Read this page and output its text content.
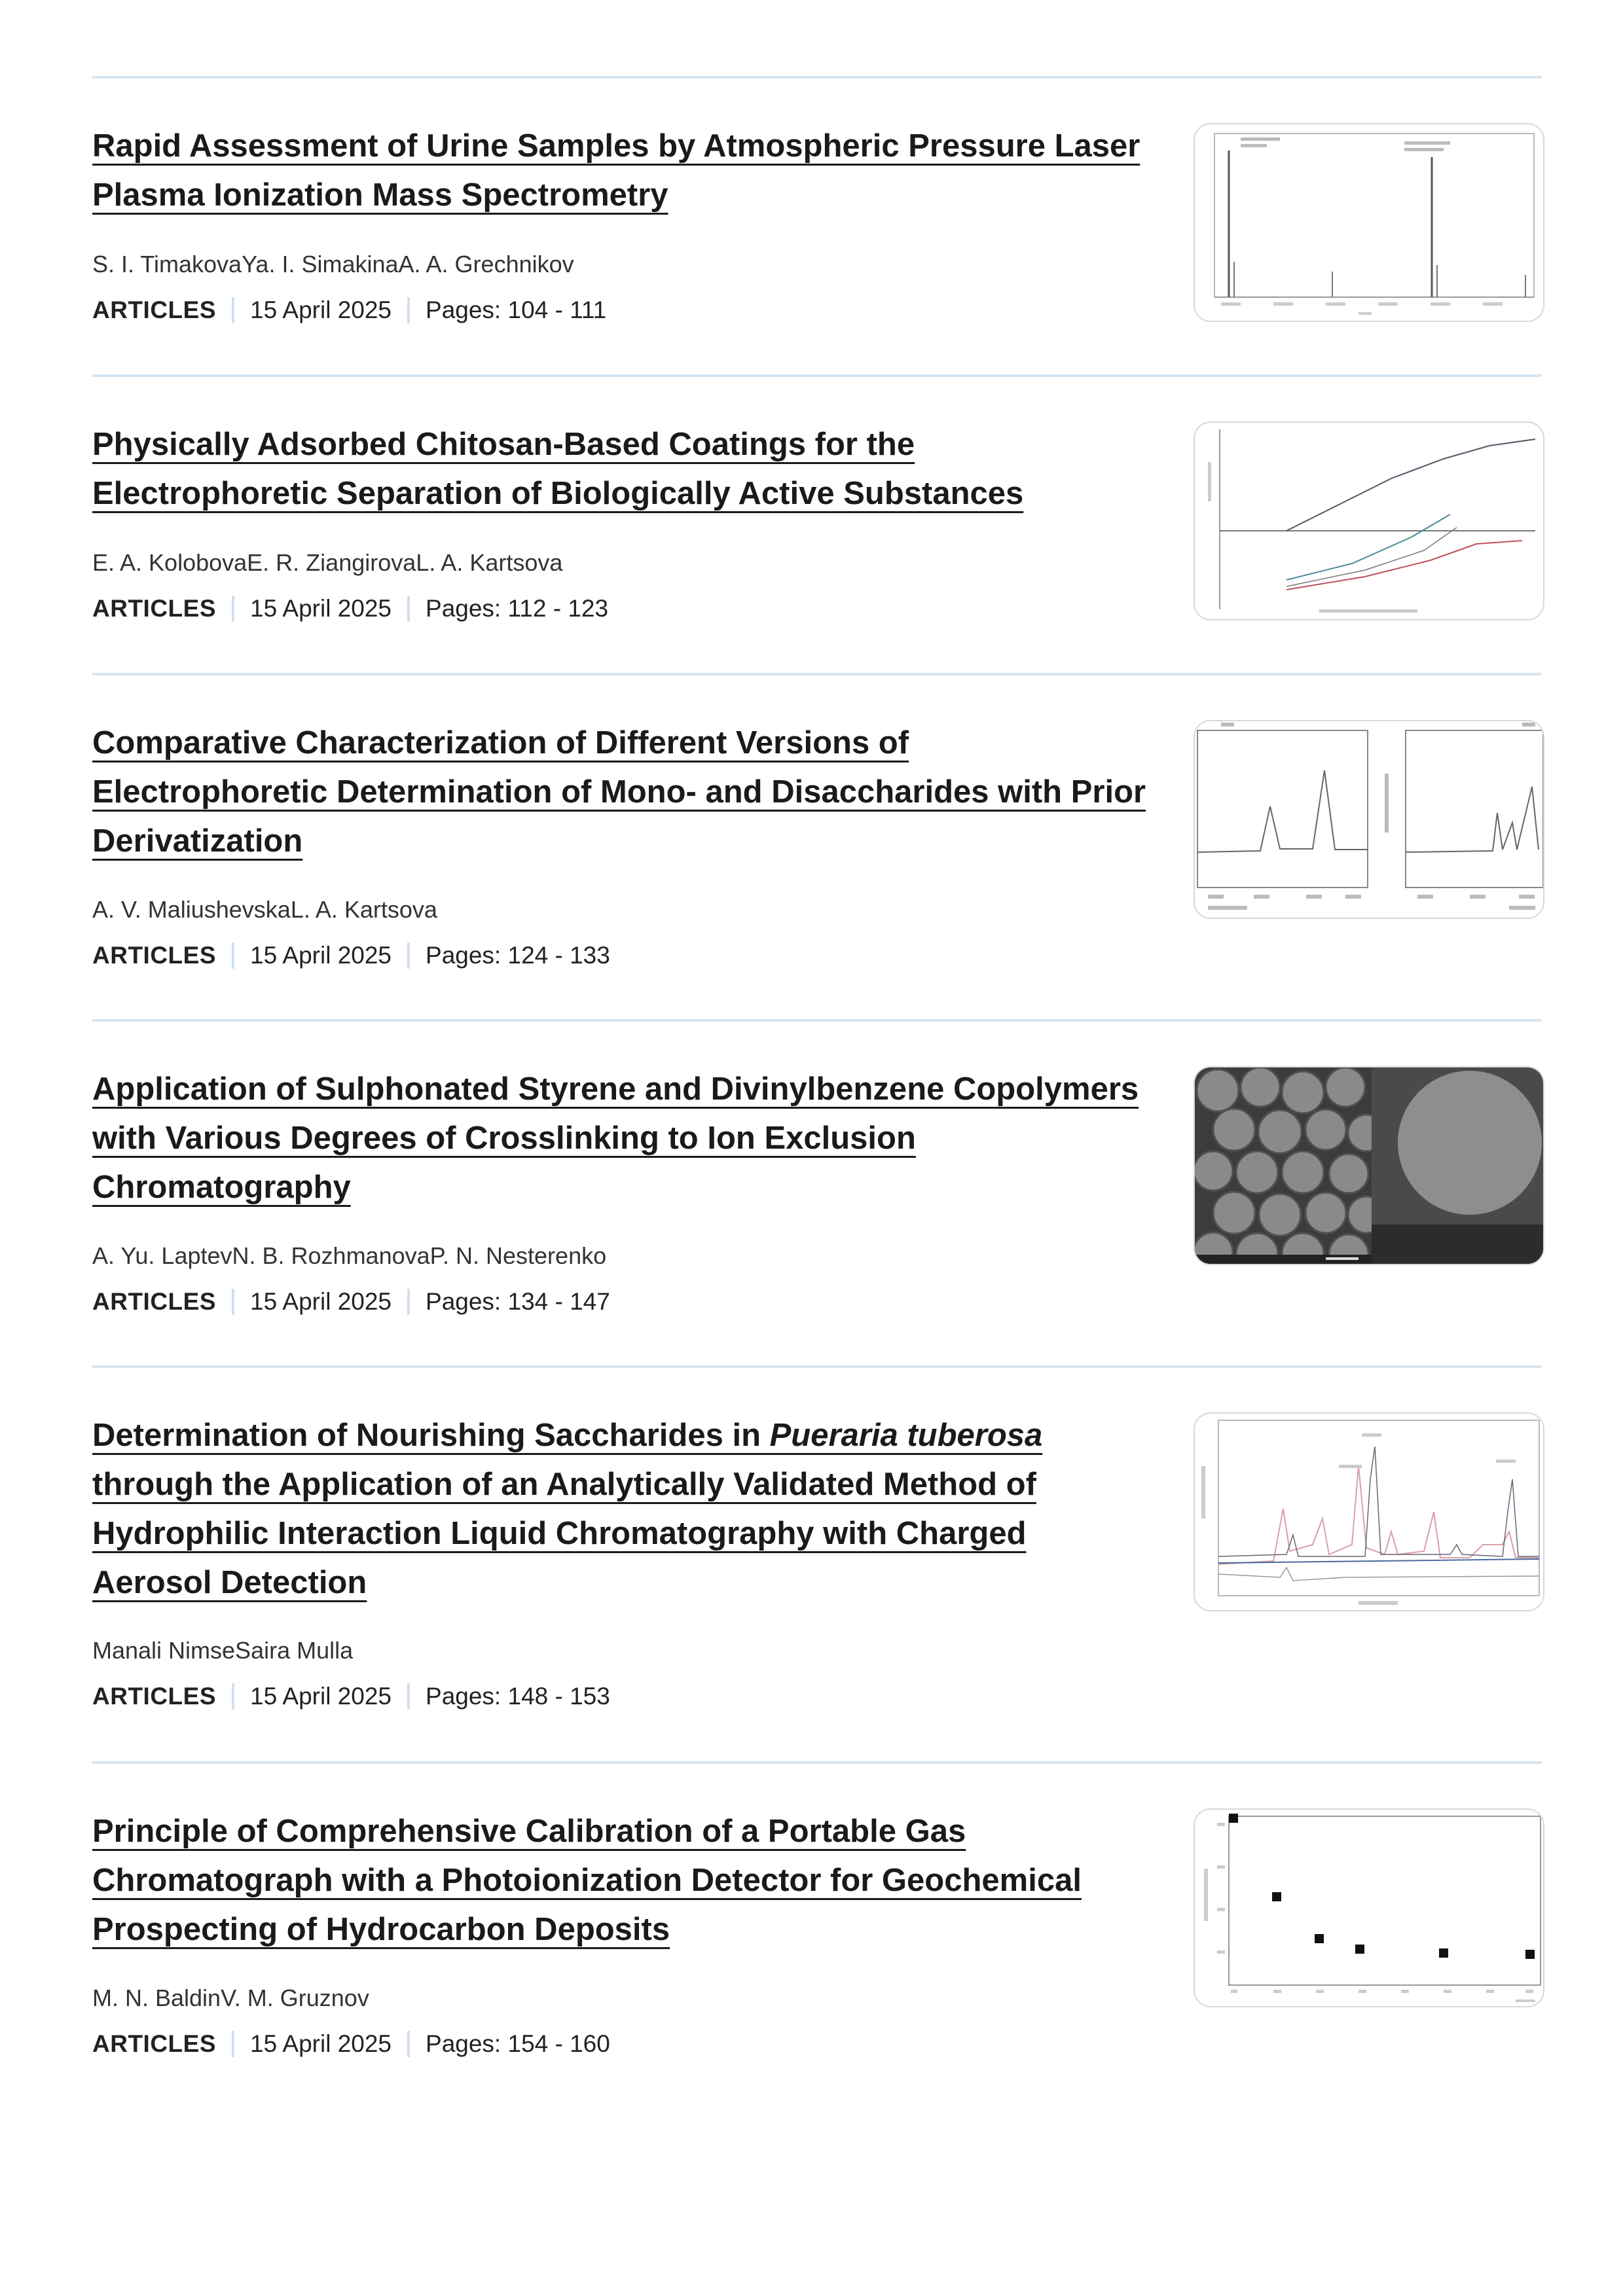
Rapid Assessment of Urine Samples by Atmospheric Pressure Laser Plasma Ionization Mass Spectrometry
S. I. TimakovaYa. I. SimakinaA. A. Grechnikov
ARTICLES 15 April 2025 Pages: 104 - 111
Physically Adsorbed Chitosan-Based Coatings for the Electrophoretic Separation of Biologically Active Substances
E. A. KolobovaE. R. ZiangirovaL. A. Kartsova
ARTICLES 15 April 2025 Pages: 112 - 123
Comparative Characterization of Different Versions of Electrophoretic Determination of Mono- and Disaccharides with Prior Derivatization
A. V. MaliushevskaL. A. Kartsova
ARTICLES 15 April 2025 Pages: 124 - 133
Application of Sulphonated Styrene and Divinylbenzene Copolymers with Various Degrees of Crosslinking to Ion Exclusion Chromatography
A. Yu. LaptevN. B. RozhmanovaP. N. Nesterenko
ARTICLES 15 April 2025 Pages: 134 - 147
Determination of Nourishing Saccharides in Pueraria tuberosa through the Application of an Analytically Validated Method of Hydrophilic Interaction Liquid Chromatography with Charged Aerosol Detection
Manali NimseSaira Mulla
ARTICLES 15 April 2025 Pages: 148 - 153
Principle of Comprehensive Calibration of a Portable Gas Chromatograph with a Photoionization Detector for Geochemical Prospecting of Hydrocarbon Deposits
M. N. BaldinV. M. Gruznov
ARTICLES 15 April 2025 Pages: 154 - 160
